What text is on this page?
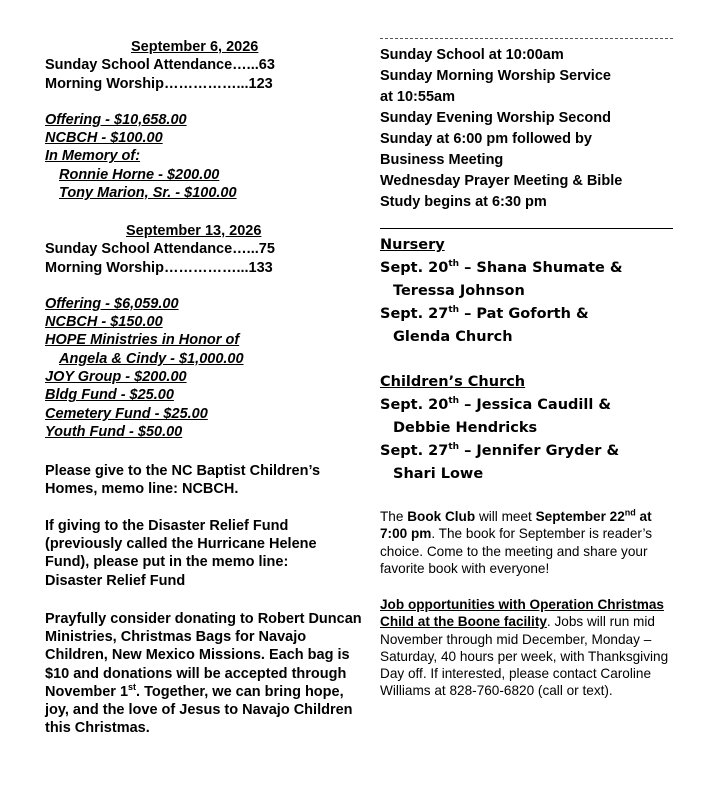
September 6, 2026
Sunday School Attendance…...63
Morning Worship……………...123
Offering - $10,658.00
NCBCH - $100.00
In Memory of:
Ronnie Horne - $200.00
Tony Marion, Sr. - $100.00
September 13, 2026
Sunday School Attendance…...75
Morning Worship……………...133
Offering - $6,059.00
NCBCH - $150.00
HOPE Ministries in Honor of
Angela & Cindy - $1,000.00
JOY Group - $200.00
Bldg Fund - $25.00
Cemetery Fund - $25.00
Youth Fund - $50.00
Please give to the NC Baptist Children’s Homes, memo line: NCBCH.
If giving to the Disaster Relief Fund (previously called the Hurricane Helene Fund), please put in the memo line: Disaster Relief Fund
Prayfully consider donating to Robert Duncan Ministries, Christmas Bags for Navajo Children, New Mexico Missions. Each bag is $10 and donations will be accepted through November 1st. Together, we can bring hope, joy, and the love of Jesus to Navajo Children this Christmas.
Sunday School at 10:00am
Sunday Morning Worship Service
at 10:55am
Sunday Evening Worship Second
Sunday at 6:00 pm followed by
Business Meeting
Wednesday Prayer Meeting & Bible
Study begins at 6:30 pm
Nursery
Sept. 20th – Shana Shumate &
Teressa Johnson
Sept. 27th – Pat Goforth &
Glenda Church
Children’s Church
Sept. 20th – Jessica Caudill &
Debbie Hendricks
Sept. 27th – Jennifer Gryder &
Shari Lowe
The Book Club will meet September 22nd at 7:00 pm. The book for September is reader’s choice. Come to the meeting and share your favorite book with everyone!
Job opportunities with Operation Christmas Child at the Boone facility. Jobs will run mid November through mid December, Monday – Saturday, 40 hours per week, with Thanksgiving Day off. If interested, please contact Caroline Williams at 828-760-6820 (call or text).
